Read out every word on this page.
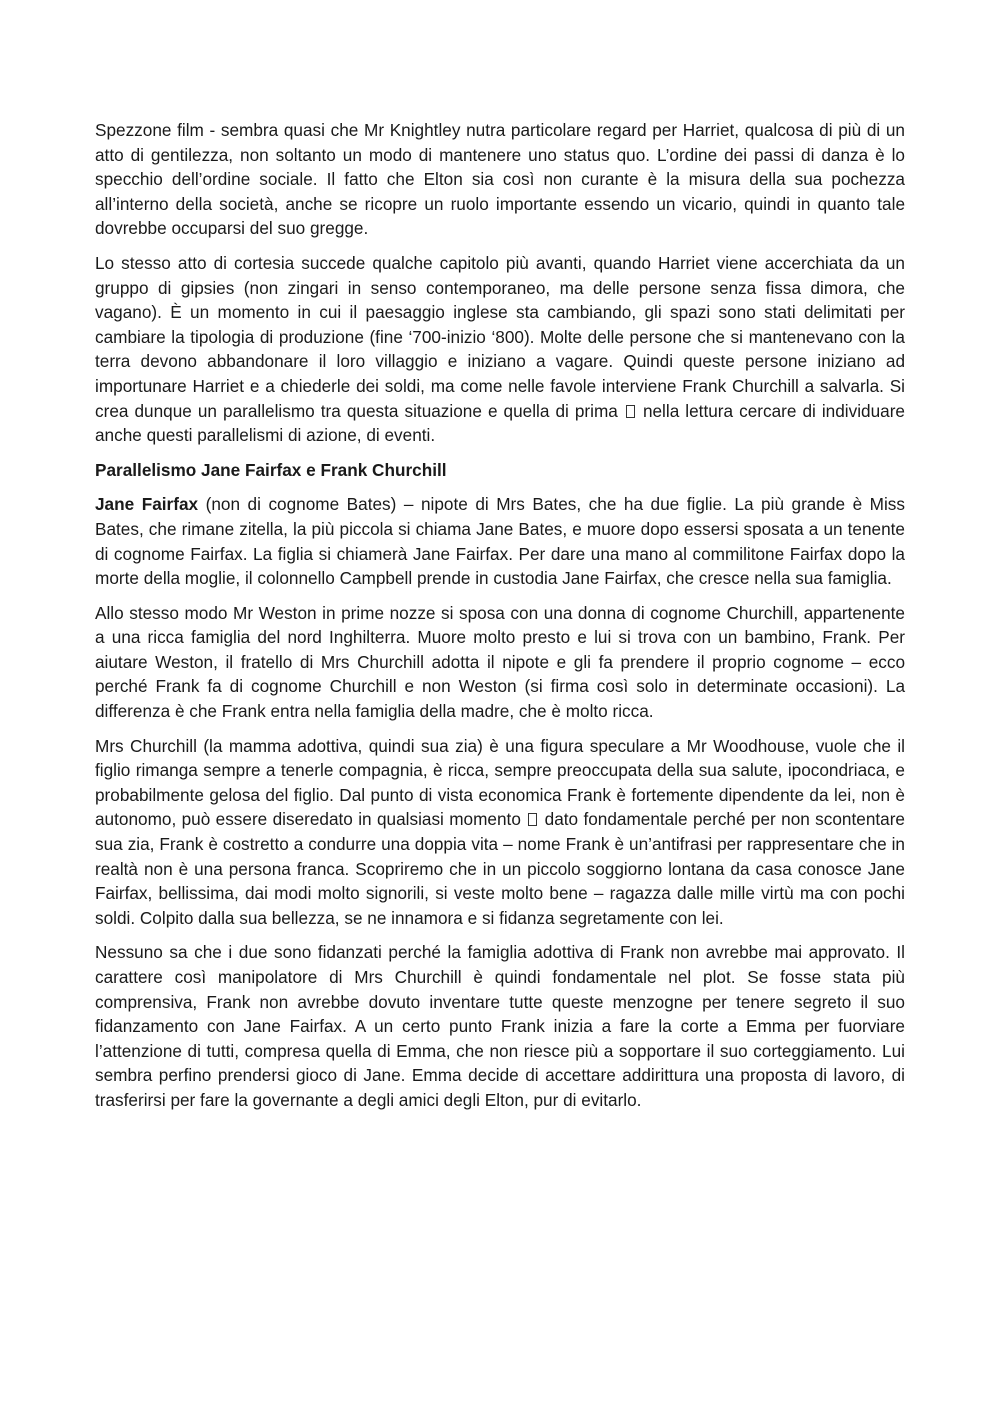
Spezzone film - sembra quasi che Mr Knightley nutra particolare regard per Harriet, qualcosa di più di un atto di gentilezza, non soltanto un modo di mantenere uno status quo. L’ordine dei passi di danza è lo specchio dell’ordine sociale. Il fatto che Elton sia così non curante è la misura della sua pochezza all’interno della società, anche se ricopre un ruolo importante essendo un vicario, quindi in quanto tale dovrebbe occuparsi del suo gregge.

Lo stesso atto di cortesia succede qualche capitolo più avanti, quando Harriet viene accerchiata da un gruppo di gipsies (non zingari in senso contemporaneo, ma delle persone senza fissa dimora, che vagano). È un momento in cui il paesaggio inglese sta cambiando, gli spazi sono stati delimitati per cambiare la tipologia di produzione (fine ‘700-inizio ‘800). Molte delle persone che si mantenevano con la terra devono abbandonare il loro villaggio e iniziano a vagare. Quindi queste persone iniziano ad importunare Harriet e a chiederle dei soldi, ma come nelle favole interviene Frank Churchill a salvarla. Si crea dunque un parallelismo tra questa situazione e quella di prima nella lettura cercare di individuare anche questi parallelismi di azione, di eventi.

Parallelismo Jane Fairfax e Frank Churchill

Jane Fairfax (non di cognome Bates) – nipote di Mrs Bates, che ha due figlie. La più grande è Miss Bates, che rimane zitella, la più piccola si chiama Jane Bates, e muore dopo essersi sposata a un tenente di cognome Fairfax. La figlia si chiamerà Jane Fairfax. Per dare una mano al commilitone Fairfax dopo la morte della moglie, il colonnello Campbell prende in custodia Jane Fairfax, che cresce nella sua famiglia.

Allo stesso modo Mr Weston in prime nozze si sposa con una donna di cognome Churchill, appartenente a una ricca famiglia del nord Inghilterra. Muore molto presto e lui si trova con un bambino, Frank. Per aiutare Weston, il fratello di Mrs Churchill adotta il nipote e gli fa prendere il proprio cognome – ecco perché Frank fa di cognome Churchill e non Weston (si firma così solo in determinate occasioni). La differenza è che Frank entra nella famiglia della madre, che è molto ricca.

Mrs Churchill (la mamma adottiva, quindi sua zia) è una figura speculare a Mr Woodhouse, vuole che il figlio rimanga sempre a tenerle compagnia, è ricca, sempre preoccupata della sua salute, ipocondriaca, e probabilmente gelosa del figlio. Dal punto di vista economica Frank è fortemente dipendente da lei, non è autonomo, può essere diseredato in qualsiasi momento dato fondamentale perché per non scontentare sua zia, Frank è costretto a condurre una doppia vita – nome Frank è un’antifrasi per rappresentare che in realtà non è una persona franca. Scopriremo che in un piccolo soggiorno lontana da casa conosce Jane Fairfax, bellissima, dai modi molto signorili, si veste molto bene – ragazza dalle mille virtù ma con pochi soldi. Colpito dalla sua bellezza, se ne innamora e si fidanza segretamente con lei.

Nessuno sa che i due sono fidanzati perché la famiglia adottiva di Frank non avrebbe mai approvato. Il carattere così manipolatore di Mrs Churchill è quindi fondamentale nel plot. Se fosse stata più comprensiva, Frank non avrebbe dovuto inventare tutte queste menzogne per tenere segreto il suo fidanzamento con Jane Fairfax. A un certo punto Frank inizia a fare la corte a Emma per fuorviare l’attenzione di tutti, compresa quella di Emma, che non riesce più a sopportare il suo corteggiamento. Lui sembra perfino prendersi gioco di Jane. Emma decide di accettare addirittura una proposta di lavoro, di trasferirsi per fare la governante a degli amici degli Elton, pur di evitarlo.
